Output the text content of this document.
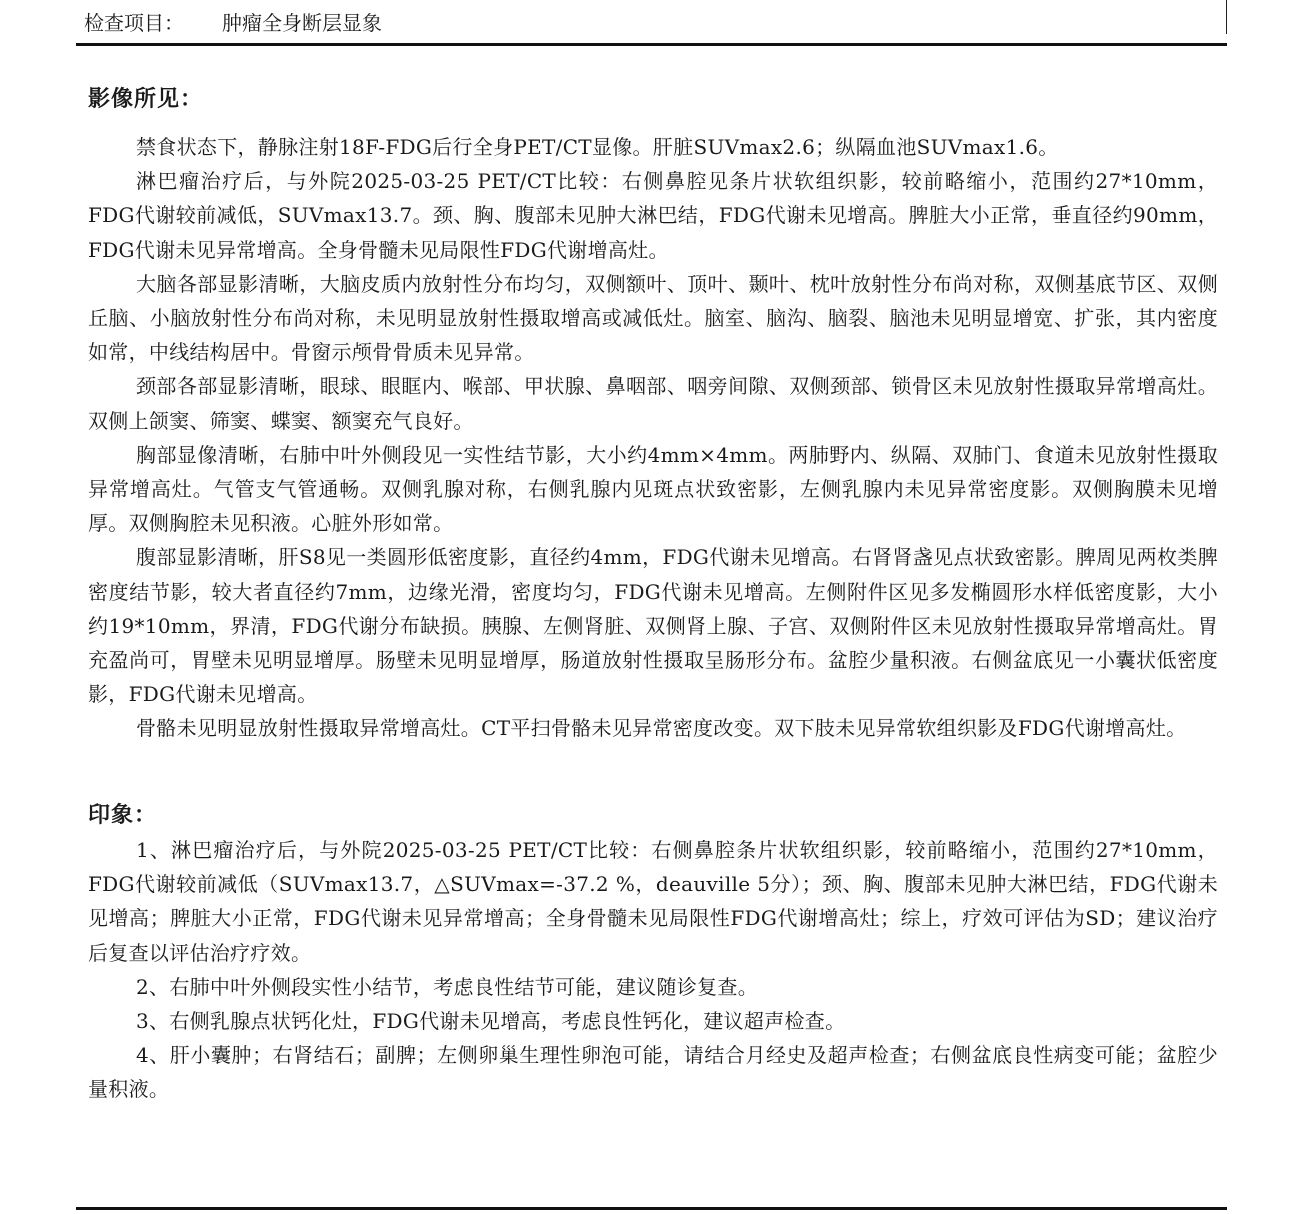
检查项目： 肿瘤全身断层显象
影像所见：

禁食状态下，静脉注射18F-FDG后行全身PET/CT显像。肝脏SUVmax2.6；纵隔血池SUVmax1.6。

淋巴瘤治疗后，与外院2025-03-25 PET/CT比较：右侧鼻腔见条片状软组织影，较前略缩小，范围约27*10mm，FDG代谢较前减低，SUVmax13.7。颈、胸、腹部未见肿大淋巴结，FDG代谢未见增高。脾脏大小正常，垂直径约90mm，FDG代谢未见异常增高。全身骨髓未见局限性FDG代谢增高灶。

大脑各部显影清晰，大脑皮质内放射性分布均匀，双侧额叶、顶叶、颞叶、枕叶放射性分布尚对称，双侧基底节区、双侧丘脑、小脑放射性分布尚对称，未见明显放射性摄取增高或减低灶。脑室、脑沟、脑裂、脑池未见明显增宽、扩张，其内密度如常，中线结构居中。骨窗示颅骨骨质未见异常。

颈部各部显影清晰，眼球、眼眶内、喉部、甲状腺、鼻咽部、咽旁间隙、双侧颈部、锁骨区未见放射性摄取异常增高灶。双侧上颌窦、筛窦、蝶窦、额窦充气良好。

胸部显像清晰，右肺中叶外侧段见一实性结节影，大小约4mm×4mm。两肺野内、纵隔、双肺门、食道未见放射性摄取异常增高灶。气管支气管通畅。双侧乳腺对称，右侧乳腺内见斑点状致密影，左侧乳腺内未见异常密度影。双侧胸膜未见增厚。双侧胸腔未见积液。心脏外形如常。

腹部显影清晰，肝S8见一类圆形低密度影，直径约4mm，FDG代谢未见增高。右肾肾盏见点状致密影。脾周见两枚类脾密度结节影，较大者直径约7mm，边缘光滑，密度均匀，FDG代谢未见增高。左侧附件区见多发椭圆形水样低密度影，大小约19*10mm，界清，FDG代谢分布缺损。胰腺、左侧肾脏、双侧肾上腺、子宫、双侧附件区未见放射性摄取异常增高灶。胃充盈尚可，胃壁未见明显增厚。肠壁未见明显增厚，肠道放射性摄取呈肠形分布。盆腔少量积液。右侧盆底见一小囊状低密度影，FDG代谢未见增高。

骨骼未见明显放射性摄取异常增高灶。CT平扫骨骼未见异常密度改变。双下肢未见异常软组织影及FDG代谢增高灶。

印象：

1、淋巴瘤治疗后，与外院2025-03-25 PET/CT比较：右侧鼻腔条片状软组织影，较前略缩小，范围约27*10mm，FDG代谢较前减低（SUVmax13.7，△SUVmax=-37.2 %，deauville 5分）；颈、胸、腹部未见肿大淋巴结，FDG代谢未见增高；脾脏大小正常，FDG代谢未见异常增高；全身骨髓未见局限性FDG代谢增高灶；综上，疗效可评估为SD；建议治疗后复查以评估治疗疗效。

2、右肺中叶外侧段实性小结节，考虑良性结节可能，建议随诊复查。

3、右侧乳腺点状钙化灶，FDG代谢未见增高，考虑良性钙化，建议超声检查。

4、肝小囊肿；右肾结石；副脾；左侧卵巢生理性卵泡可能，请结合月经史及超声检查；右侧盆底良性病变可能；盆腔少量积液。
